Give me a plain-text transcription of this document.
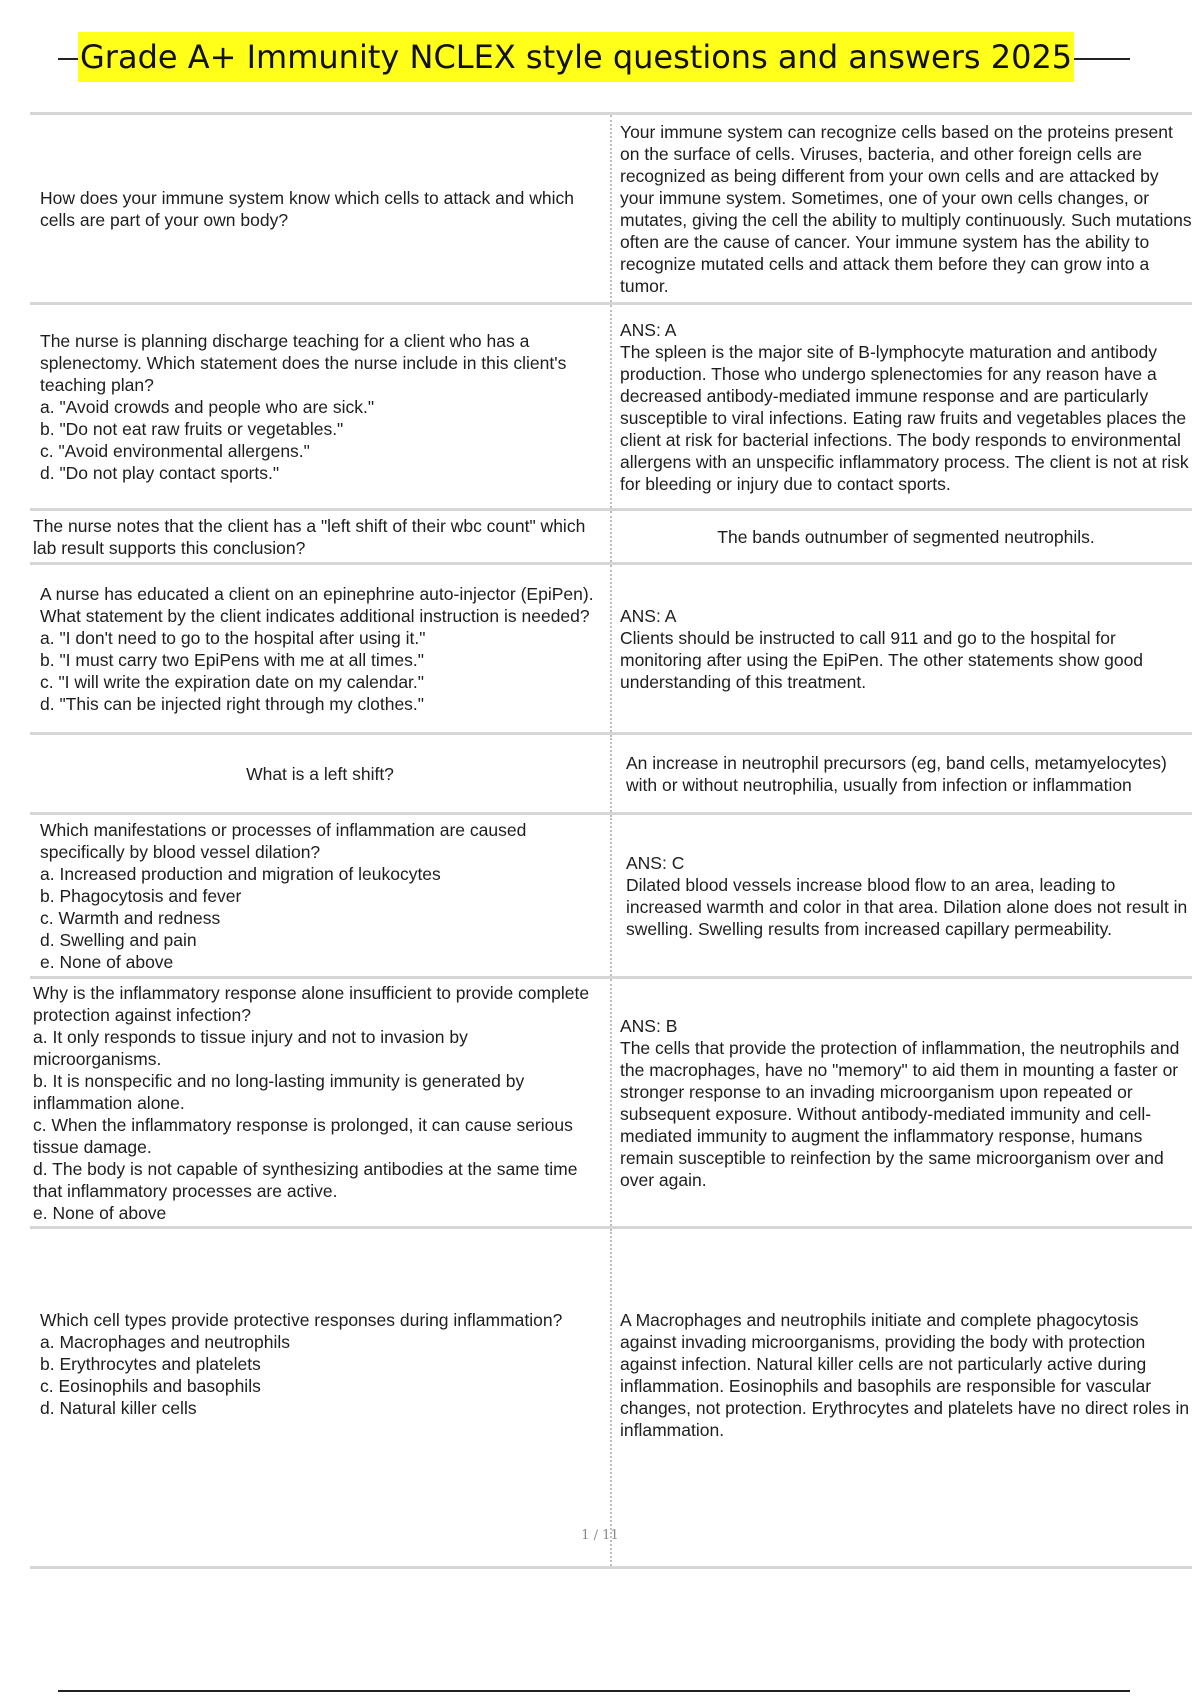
Grade A+ Immunity NCLEX style questions and answers 2025
How does your immune system know which cells to attack and which cells are part of your own body?
Your immune system can recognize cells based on the proteins present on the surface of cells. Viruses, bacteria, and other foreign cells are recognized as being different from your own cells and are attacked by your immune system. Sometimes, one of your own cells changes, or mutates, giving the cell the ability to multiply continuously. Such mutations often are the cause of cancer. Your immune system has the ability to recognize mutated cells and attack them before they can grow into a tumor.
The nurse is planning discharge teaching for a client who has a splenectomy. Which statement does the nurse include in this client's teaching plan?
a. "Avoid crowds and people who are sick."
b. "Do not eat raw fruits or vegetables."
c. "Avoid environmental allergens."
d. "Do not play contact sports."
ANS: A
The spleen is the major site of B-lymphocyte maturation and antibody production. Those who undergo splenectomies for any reason have a decreased antibody-mediated immune response and are particularly susceptible to viral infections. Eating raw fruits and vegetables places the client at risk for bacterial infections. The body responds to environmental allergens with an unspecific inflammatory process. The client is not at risk for bleeding or injury due to contact sports.
The nurse notes that the client has a "left shift of their wbc count" which lab result supports this conclusion?
The bands outnumber of segmented neutrophils.
A nurse has educated a client on an epinephrine auto-injector (EpiPen). What statement by the client indicates additional instruction is needed?
a. "I don't need to go to the hospital after using it."
b. "I must carry two EpiPens with me at all times."
c. "I will write the expiration date on my calendar."
d. "This can be injected right through my clothes."
ANS: A
Clients should be instructed to call 911 and go to the hospital for monitoring after using the EpiPen. The other statements show good understanding of this treatment.
What is a left shift?
An increase in neutrophil precursors (eg, band cells, metamyelocytes) with or without neutrophilia, usually from infection or inflammation
Which manifestations or processes of inflammation are caused specifically by blood vessel dilation?
a. Increased production and migration of leukocytes
b. Phagocytosis and fever
c. Warmth and redness
d. Swelling and pain
e. None of above
ANS: C
Dilated blood vessels increase blood flow to an area, leading to increased warmth and color in that area. Dilation alone does not result in swelling. Swelling results from increased capillary permeability.
Why is the inflammatory response alone insufficient to provide complete protection against infection?
a. It only responds to tissue injury and not to invasion by microorganisms.
b. It is nonspecific and no long-lasting immunity is generated by inflammation alone.
c. When the inflammatory response is prolonged, it can cause serious tissue damage.
d. The body is not capable of synthesizing antibodies at the same time that inflammatory processes are active.
e. None of above
ANS: B
The cells that provide the protection of inflammation, the neutrophils and the macrophages, have no "memory" to aid them in mounting a faster or stronger response to an invading microorganism upon repeated or subsequent exposure. Without antibody-mediated immunity and cell-mediated immunity to augment the inflammatory response, humans remain susceptible to reinfection by the same microorganism over and over again.
Which cell types provide protective responses during inflammation?
a. Macrophages and neutrophils
b. Erythrocytes and platelets
c. Eosinophils and basophils
d. Natural killer cells
A Macrophages and neutrophils initiate and complete phagocytosis against invading microorganisms, providing the body with protection against infection. Natural killer cells are not particularly active during inflammation. Eosinophils and basophils are responsible for vascular changes, not protection. Erythrocytes and platelets have no direct roles in inflammation.
1 / 11
